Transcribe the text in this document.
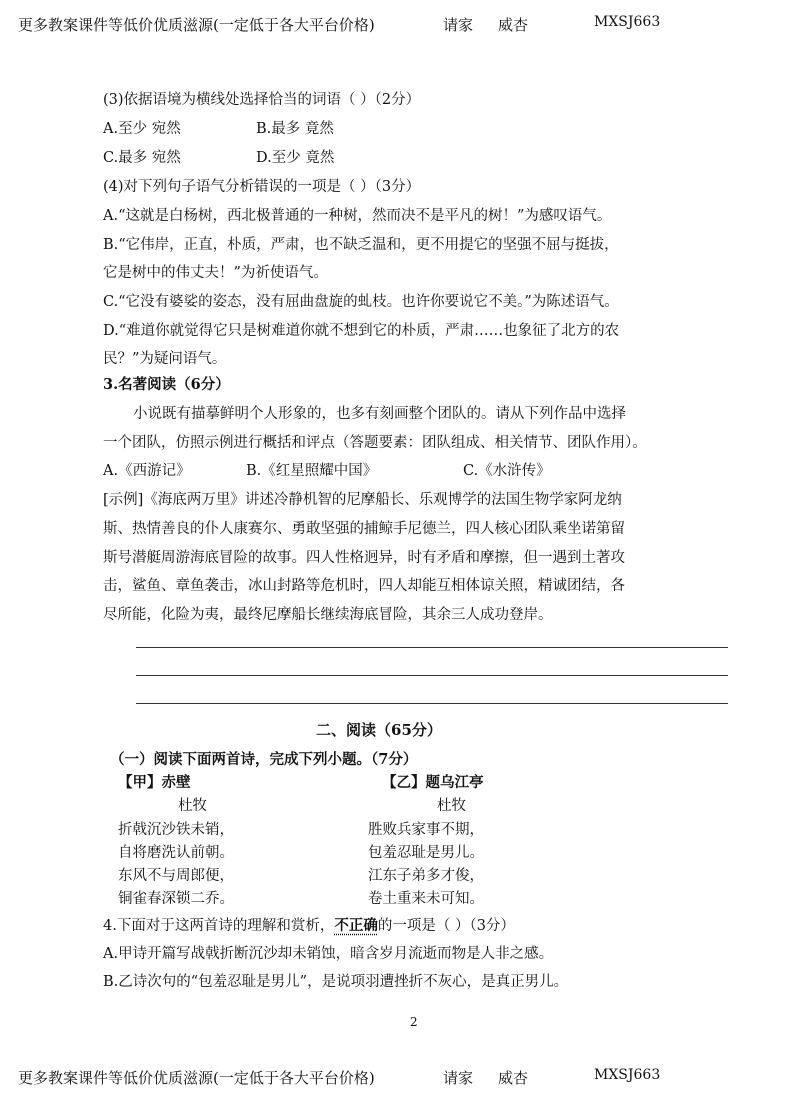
更多教案课件等低价优质滋源(一定低于各大平台价格)	请家 威杏	MXSJ663
(3)依据语境为横线处选择恰当的词语（ ）（2分）
A.至少 宛然	B.最多 竟然
C.最多 宛然	D.至少 竟然
(4)对下列句子语气分析错误的一项是（ ）（3分）
A.“这就是白杨树，西北极普通的一种树，然而决不是平凡的树！”为感叹语气。
B.“它伟岸，正直，朴质，严肃，也不缺乏温和，更不用提它的坚强不屈与挺拔，
它是树中的伟丈夫！”为祈使语气。
C.“它没有婆娑的姿态，没有屈曲盘旋的虬枝。也许你要说它不美。”为陈述语气。
D.“难道你就觉得它只是树难道你就不想到它的朴质，严肃……也象征了北方的农
民？”为疑问语气。
3.名著阅读（6分）
小说既有描摹鲜明个人形象的，也多有刻画整个团队的。请从下列作品中选择
一个团队，仿照示例进行概括和评点（答题要素：团队组成、相关情节、团队作用）。
A.《西游记》	B.《红星照耀中国》	C.《水浒传》
[示例]《海底两万里》讲述冷静机智的尼摩船长、乐观博学的法国生物学家阿龙纳
斯、热情善良的仆人康赛尔、勇敢坚强的捕鲸手尼德兰，四人核心团队乘坐诺第留
斯号潜艇周游海底冒险的故事。四人性格迥异，时有矛盾和摩擦，但一遇到土著攻
击，鲨鱼、章鱼袭击，冰山封路等危机时，四人却能互相体谅关照，精诚团结，各
尽所能，化险为夷，最终尼摩船长继续海底冒险，其余三人成功登岸。
二、阅读（65分）
（一）阅读下面两首诗，完成下列小题。（7分）
【甲】赤壁
杜牧
折戟沉沙铁未销，
自将磨洗认前朝。
东风不与周郎便，
铜雀春深锁二乔。
【乙】题乌江亭
杜牧
胜败兵家事不期，
包羞忍耻是男儿。
江东子弟多才俊，
卷土重来未可知。
4.下面对于这两首诗的理解和赏析，不正确的一项是（ ）（3分）
A.甲诗开篇写战戟折断沉沙却未销蚀，暗含岁月流逝而物是人非之感。
B.乙诗次句的“包羞忍耻是男儿”，是说项羽遭挫折不灰心，是真正男儿。
2
更多教案课件等低价优质滋源(一定低于各大平台价格)	请家 威杏	MXSJ663
